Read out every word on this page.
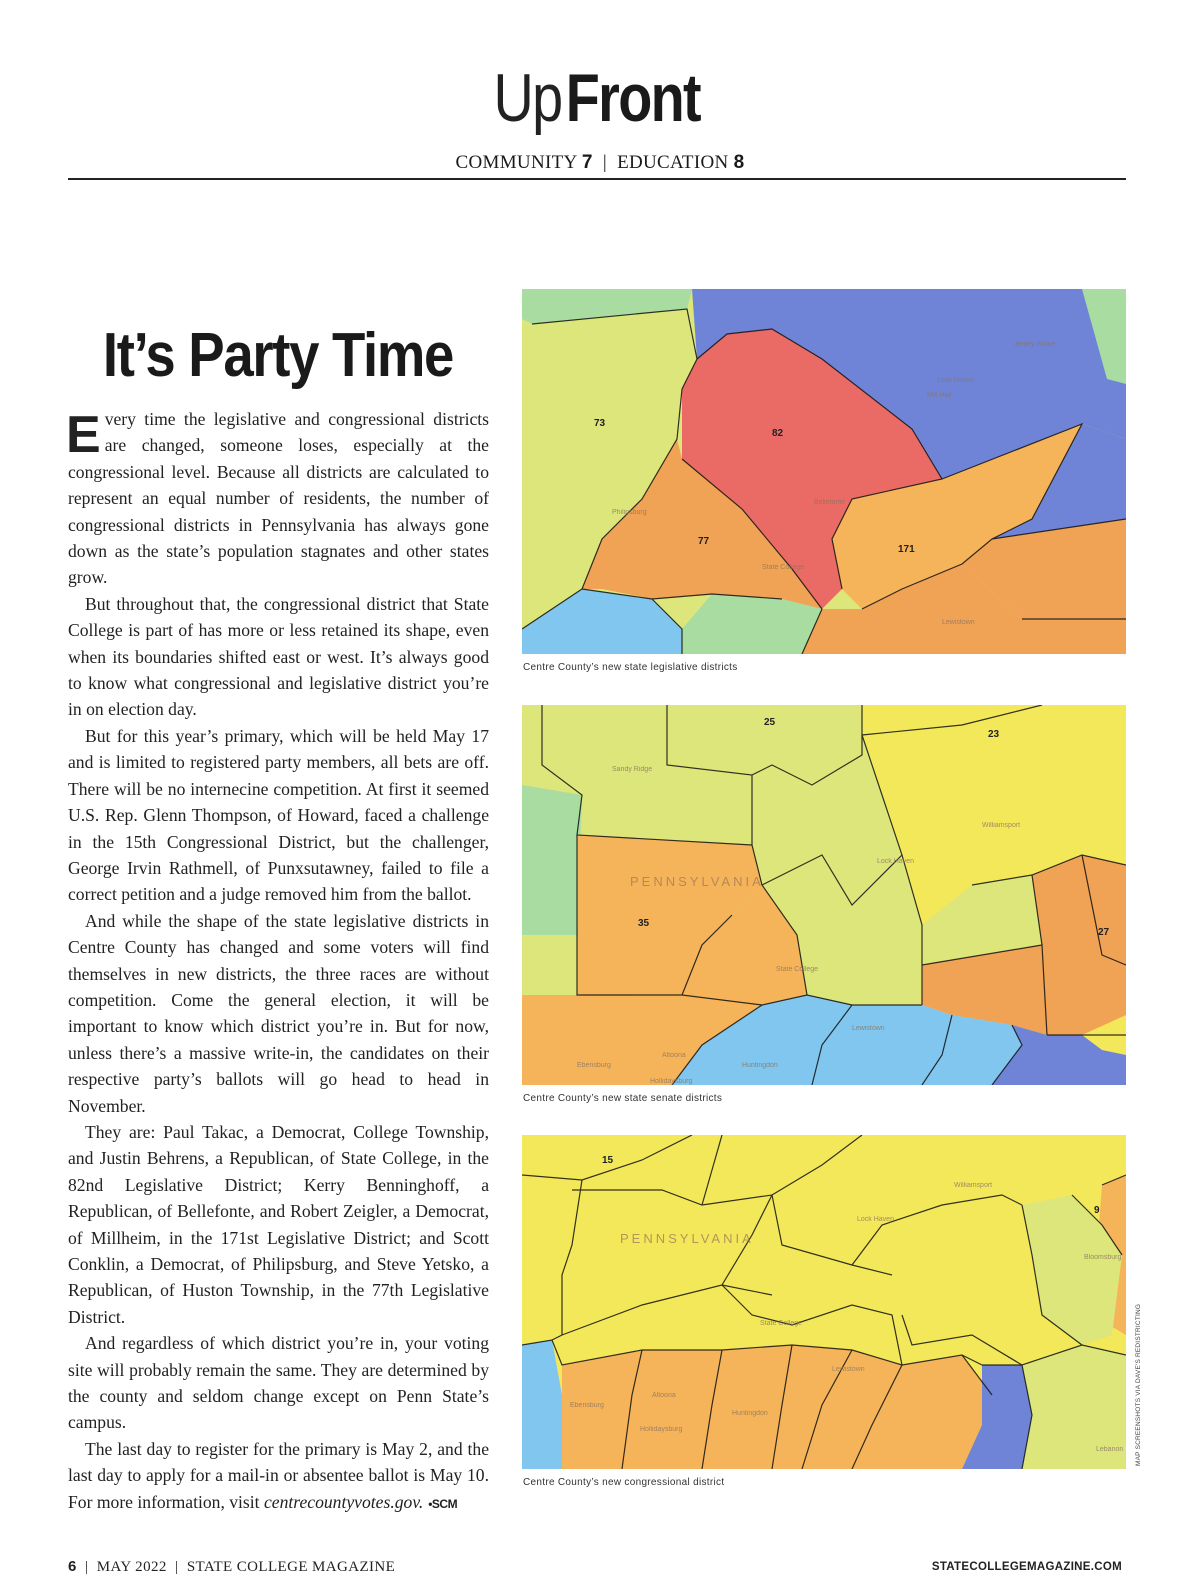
UpFront
COMMUNITY 7 | EDUCATION 8
It’s Party Time

Every time the legislative and congressional districts are changed, someone loses, especially at the congressional level. Because all districts are calculated to represent an equal number of residents, the number of congressional districts in Pennsylvania has always gone down as the state’s population stagnates and other states grow.

But throughout that, the congressional district that State College is part of has more or less retained its shape, even when its boundaries shifted east or west. It’s always good to know what congressional and legislative district you’re in on election day.

But for this year’s primary, which will be held May 17 and is limited to registered party members, all bets are off. There will be no internecine competition. At first it seemed U.S. Rep. Glenn Thompson, of Howard, faced a challenge in the 15th Congressional District, but the challenger, George Irvin Rathmell, of Punxsutawney, failed to file a correct petition and a judge removed him from the ballot.

And while the shape of the state legislative districts in Centre County has changed and some voters will find themselves in new districts, the three races are without competition. Come the general election, it will be important to know which district you’re in. But for now, unless there’s a massive write-in, the candidates on their respective party’s ballots will go head to head in November.

They are: Paul Takac, a Democrat, College Township, and Justin Behrens, a Republican, of State College, in the 82nd Legislative District; Kerry Benninghoff, a Republican, of Bellefonte, and Robert Zeigler, a Democrat, of Millheim, in the 171st Legislative District; and Scott Conklin, a Democrat, of Philipsburg, and Steve Yetsko, a Republican, of Huston Township, in the 77th Legislative District.

And regardless of which district you’re in, your voting site will probably remain the same. They are determined by the county and seldom change except on Penn State’s campus.

The last day to register for the primary is May 2, and the last day to apply for a mail-in or absentee ballot is May 10. For more information, visit centrecountyvotes.gov. •SCM

73
82
77
171
Jersey Shore
Lock Haven
Mill Hall
Bellefonte
State College
Philipsburg
Lewistown
Centre County’s new state legislative districts
PENNSYLVANIA
25
23
35
27
Sandy Ridge
Williamsport
Lock Haven
State College
Lewistown
Altoona
Huntingdon
Ebensburg
Hollidaysburg
Centre County’s new state senate districts
PENNSYLVANIA
15
9
Williamsport
Lock Haven
State College
Bloomsburg
Lewistown
Ebensburg
Altoona
Huntingdon
Hollidaysburg
Lebanon
Centre County’s new congressional district
MAP SCREENSHOTS VIA DAVE'S REDISTRICTING
6  |  MAY 2022  |  STATE COLLEGE MAGAZINE	STATECOLLEGEMAGAZINE.COM
